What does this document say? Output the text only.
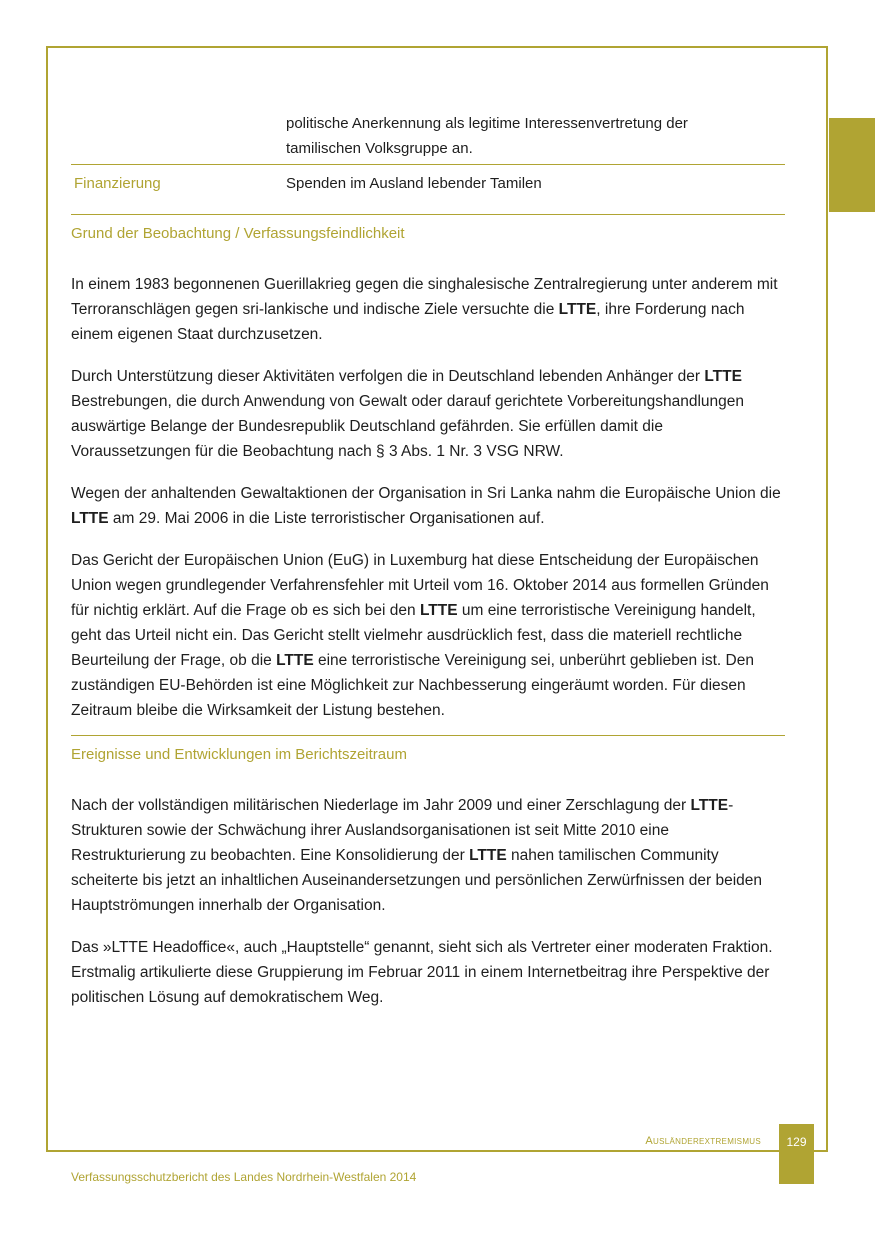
politische Anerkennung als legitime Interessenvertretung der
tamilischen Volksgruppe an.
Finanzierung	Spenden im Ausland lebender Tamilen
Grund der Beobachtung / Verfassungsfeindlichkeit

In einem 1983 begonnenen Guerillakrieg gegen die singhalesische Zentralregierung unter anderem mit Terroranschlägen gegen sri-lankische und indische Ziele versuchte die LTTE, ihre Forderung nach einem eigenen Staat durchzusetzen.

Durch Unterstützung dieser Aktivitäten verfolgen die in Deutschland lebenden Anhänger der LTTE Bestrebungen, die durch Anwendung von Gewalt oder darauf gerichtete Vorbereitungshandlungen auswärtige Belange der Bundesrepublik Deutschland gefährden. Sie erfüllen damit die Voraussetzungen für die Beobachtung nach § 3 Abs. 1 Nr. 3 VSG NRW.

Wegen der anhaltenden Gewaltaktionen der Organisation in Sri Lanka nahm die Europäische Union die LTTE am 29. Mai 2006 in die Liste terroristischer Organisationen auf.

Das Gericht der Europäischen Union (EuG) in Luxemburg hat diese Entscheidung der Europäischen Union wegen grundlegender Verfahrensfehler mit Urteil vom 16. Oktober 2014 aus formellen Gründen für nichtig erklärt. Auf die Frage ob es sich bei den LTTE um eine terroristische Vereinigung handelt, geht das Urteil nicht ein. Das Gericht stellt vielmehr ausdrücklich fest, dass die materiell rechtliche Beurteilung der Frage, ob die LTTE eine terroristische Vereinigung sei, unberührt geblieben ist. Den zuständigen EU-Behörden ist eine Möglichkeit zur Nachbesserung eingeräumt worden. Für diesen Zeitraum bleibe die Wirksamkeit der Listung bestehen.

Ereignisse und Entwicklungen im Berichtszeitraum

Nach der vollständigen militärischen Niederlage im Jahr 2009 und einer Zerschlagung der LTTE-Strukturen sowie der Schwächung ihrer Auslandsorganisationen ist seit Mitte 2010 eine Restrukturierung zu beobachten. Eine Konsolidierung der LTTE nahen tamilischen Community scheiterte bis jetzt an inhaltlichen Auseinandersetzungen und persönlichen Zerwürfnissen der beiden Hauptströmungen innerhalb der Organisation.

Das »LTTE Headoffice«, auch „Hauptstelle“ genannt, sieht sich als Vertreter einer moderaten Fraktion. Erstmalig artikulierte diese Gruppierung im Februar 2011 in einem Internetbeitrag ihre Perspektive der politischen Lösung auf demokratischem Weg.

Ausländerextremismus	129
Verfassungsschutzbericht des Landes Nordrhein-Westfalen 2014
